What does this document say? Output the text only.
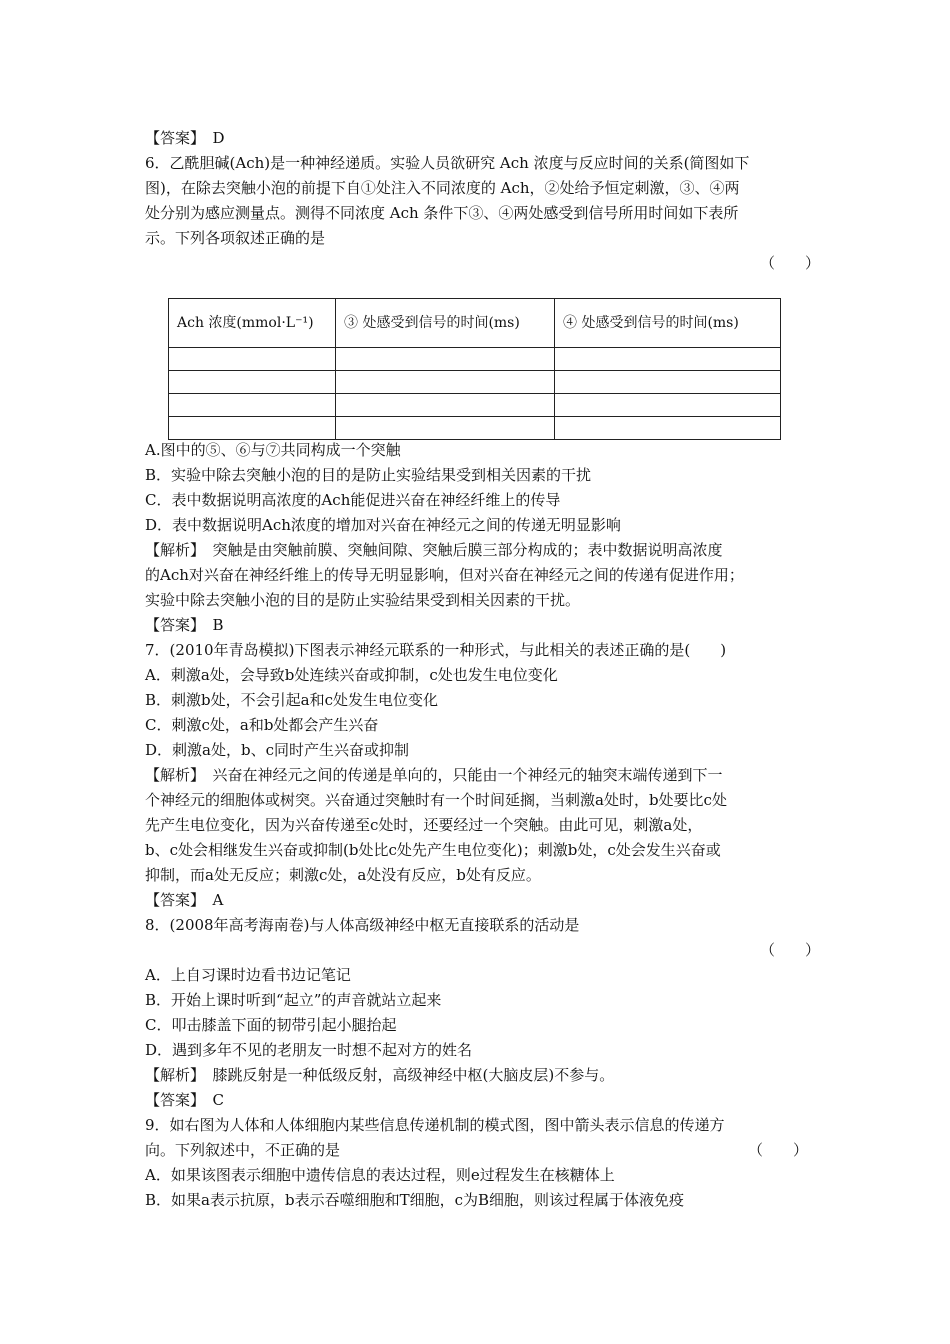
【答案】　D
6．乙酰胆碱(Ach)是一种神经递质。实验人员欲研究 Ach 浓度与反应时间的关系(简图如下
图)，在除去突触小泡的前提下自①处注入不同浓度的 Ach，②处给予恒定刺激，③、④两
处分别为感应测量点。测得不同浓度 Ach 条件下③、④两处感受到信号所用时间如下表所
示。下列各项叙述正确的是
（　　）
Ach 浓度(mmol·L⁻¹)	③ 处感受到信号的时间(ms)	④ 处感受到信号的时间(ms)

A.图中的⑤、⑥与⑦共同构成一个突触
B．实验中除去突触小泡的目的是防止实验结果受到相关因素的干扰
C．表中数据说明高浓度的Ach能促进兴奋在神经纤维上的传导
D．表中数据说明Ach浓度的增加对兴奋在神经元之间的传递无明显影响
【解析】　突触是由突触前膜、突触间隙、突触后膜三部分构成的；表中数据说明高浓度
的Ach对兴奋在神经纤维上的传导无明显影响，但对兴奋在神经元之间的传递有促进作用；
实验中除去突触小泡的目的是防止实验结果受到相关因素的干扰。
【答案】　B
7．(2010年青岛模拟)下图表示神经元联系的一种形式，与此相关的表述正确的是(　　)
A．刺激a处，会导致b处连续兴奋或抑制，c处也发生电位变化
B．刺激b处，不会引起a和c处发生电位变化
C．刺激c处，a和b处都会产生兴奋
D．刺激a处，b、c同时产生兴奋或抑制
【解析】　兴奋在神经元之间的传递是单向的，只能由一个神经元的轴突末端传递到下一
个神经元的细胞体或树突。兴奋通过突触时有一个时间延搁，当刺激a处时，b处要比c处
先产生电位变化，因为兴奋传递至c处时，还要经过一个突触。由此可见，刺激a处，
b、c处会相继发生兴奋或抑制(b处比c处先产生电位变化)；刺激b处，c处会发生兴奋或
抑制，而a处无反应；刺激c处，a处没有反应，b处有反应。
【答案】　A
8．(2008年高考海南卷)与人体高级神经中枢无直接联系的活动是
（　　）
A．上自习课时边看书边记笔记
B．开始上课时听到“起立”的声音就站立起来
C．叩击膝盖下面的韧带引起小腿抬起
D．遇到多年不见的老朋友一时想不起对方的姓名
【解析】　膝跳反射是一种低级反射，高级神经中枢(大脑皮层)不参与。
【答案】　C
9．如右图为人体和人体细胞内某些信息传递机制的模式图，图中箭头表示信息的传递方
向。下列叙述中，不正确的是	（　　）
A．如果该图表示细胞中遗传信息的表达过程，则e过程发生在核糖体上
B．如果a表示抗原，b表示吞噬细胞和T细胞，c为B细胞，则该过程属于体液免疫
